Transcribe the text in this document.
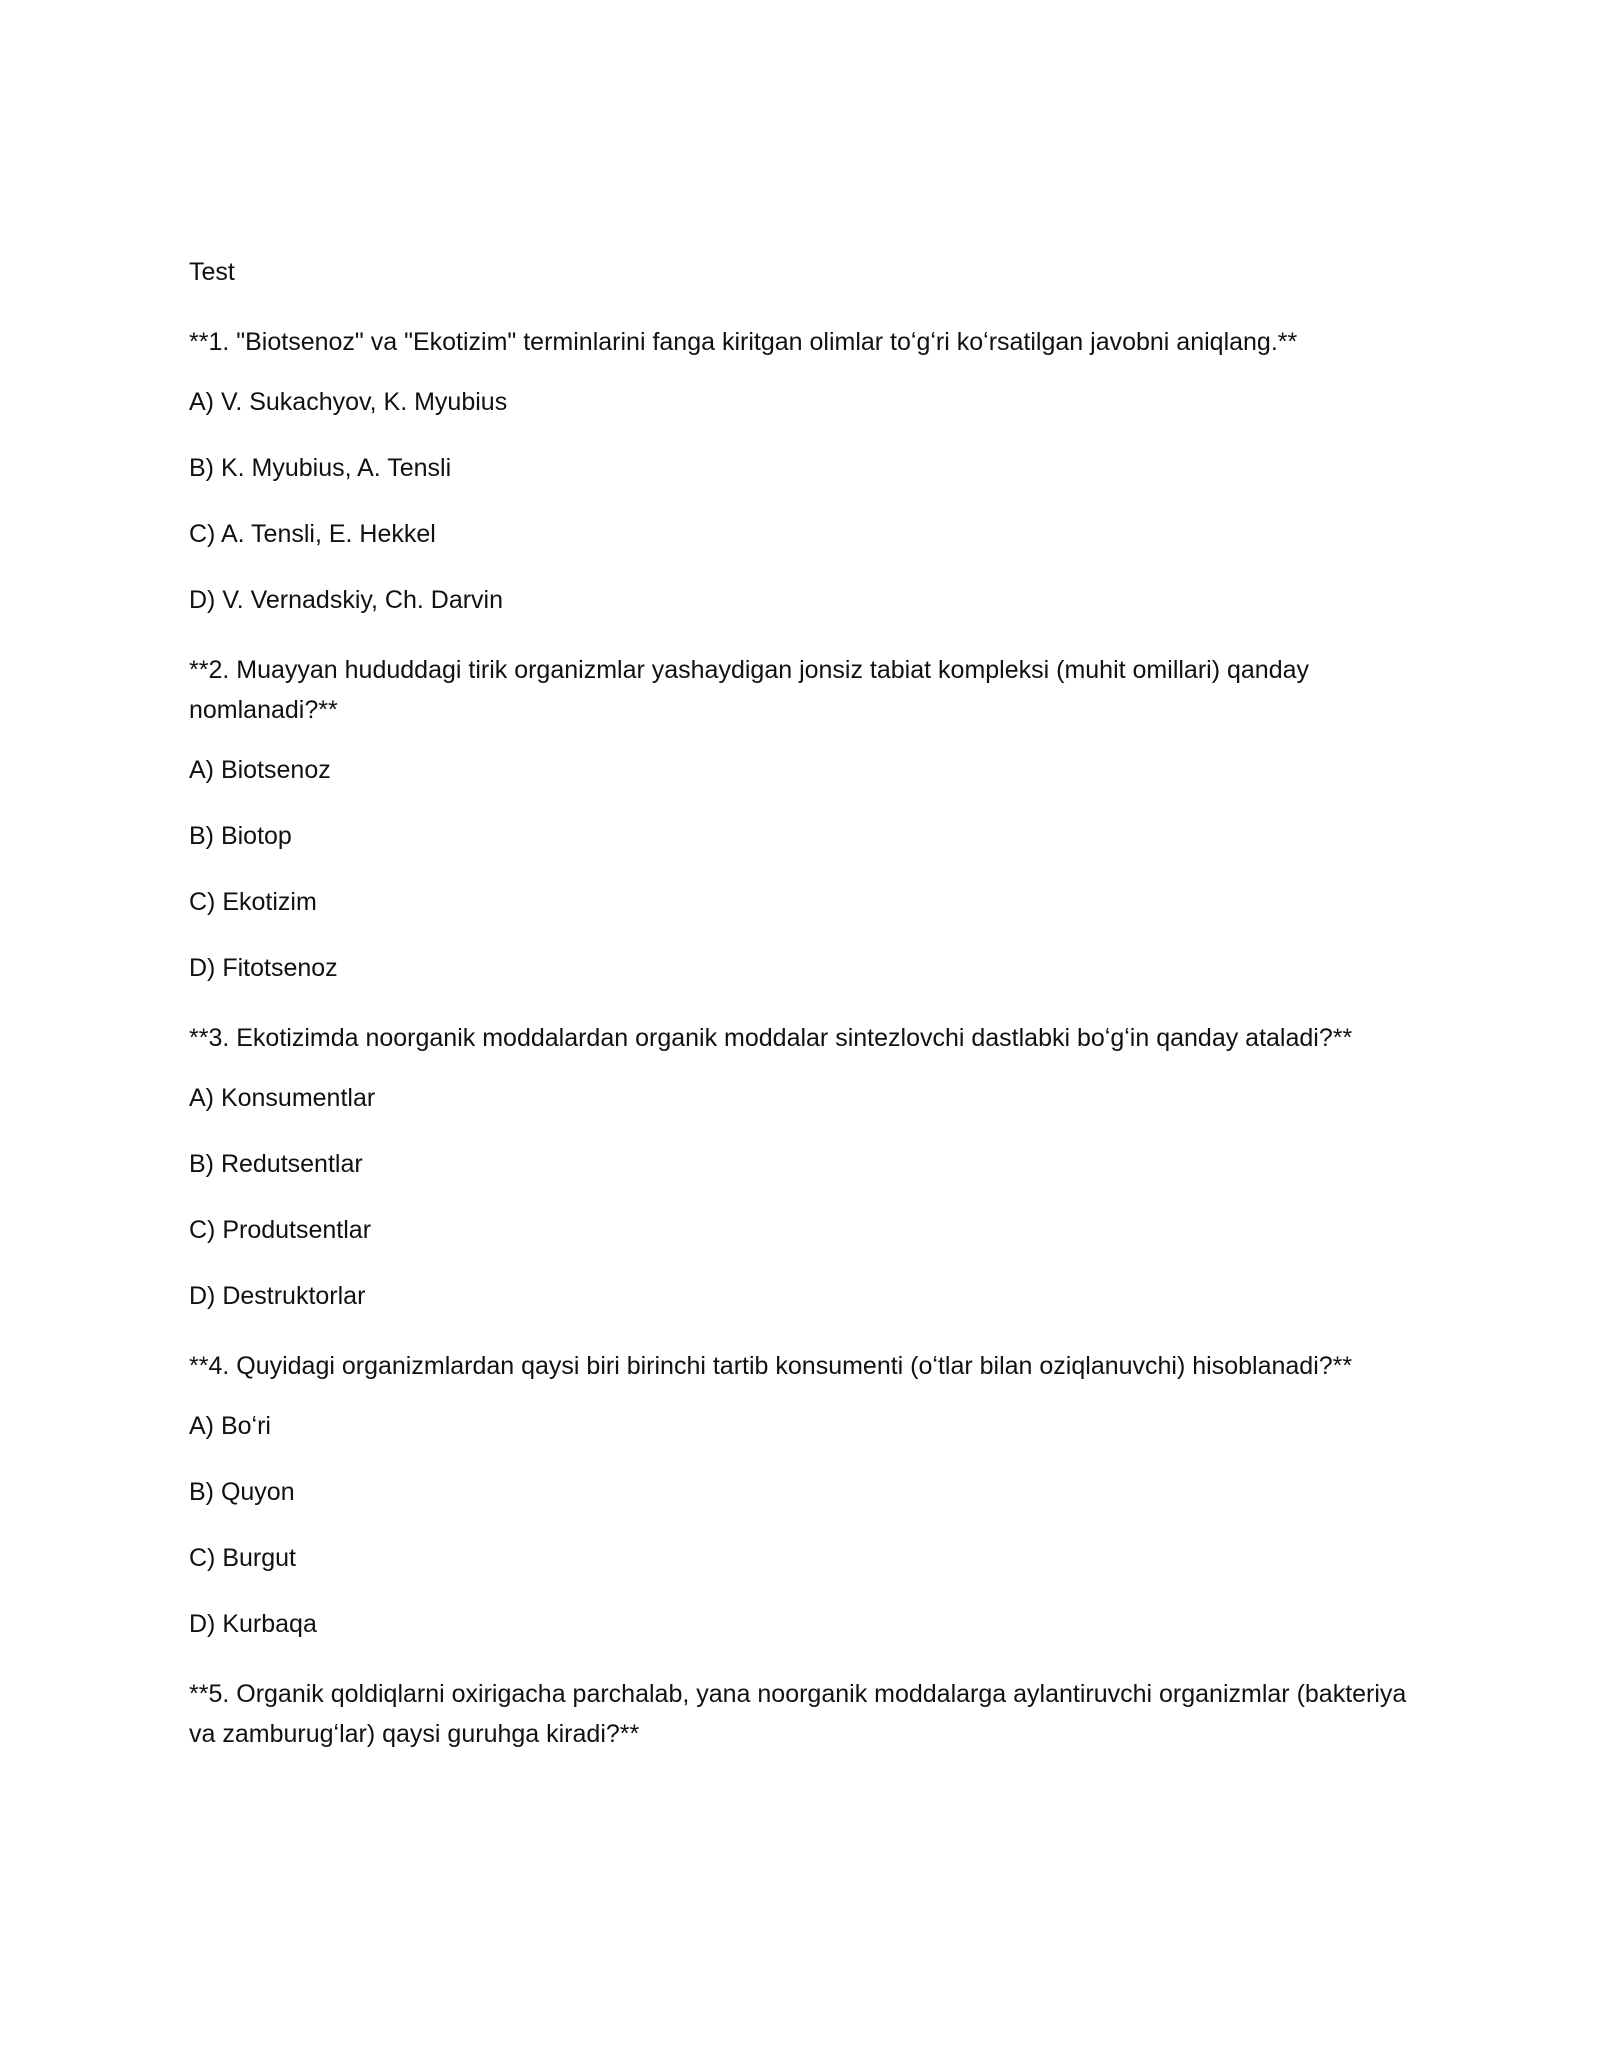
Test
**1. "Biotsenoz" va "Ekotizim" terminlarini fanga kiritgan olimlar toʻgʻri koʻrsatilgan javobni aniqlang.**
A) V. Sukachyov, K. Myubius
B) K. Myubius, A. Tensli
C) A. Tensli, E. Hekkel
D) V. Vernadskiy, Ch. Darvin
**2. Muayyan hududdagi tirik organizmlar yashaydigan jonsiz tabiat kompleksi (muhit omillari) qanday nomlanadi?**
A) Biotsenoz
B) Biotop
C) Ekotizim
D) Fitotsenoz
**3. Ekotizimda noorganik moddalardan organik moddalar sintezlovchi dastlabki boʻgʻin qanday ataladi?**
A) Konsumentlar
B) Redutsentlar
C) Produtsentlar
D) Destruktorlar
**4. Quyidagi organizmlardan qaysi biri birinchi tartib konsumenti (oʻtlar bilan oziqlanuvchi) hisoblanadi?**
A) Boʻri
B) Quyon
C) Burgut
D) Kurbaqa
**5. Organik qoldiqlarni oxirigacha parchalab, yana noorganik moddalarga aylantiruvchi organizmlar (bakteriya va zamburugʻlar) qaysi guruhga kiradi?**
